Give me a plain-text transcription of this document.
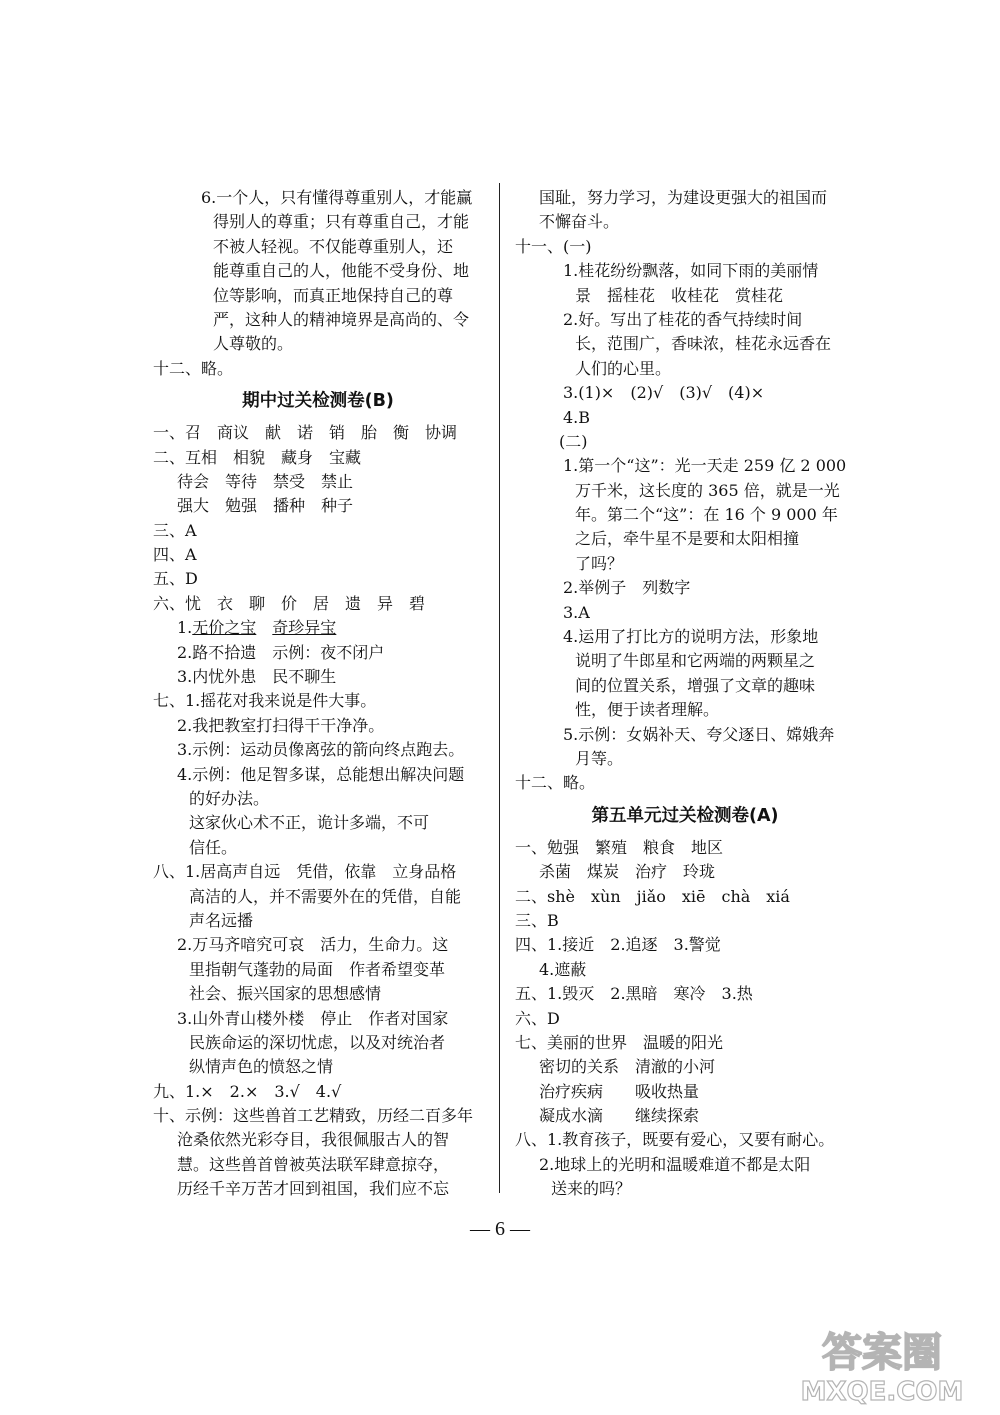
6.一个人，只有懂得尊重别人，才能赢
得别人的尊重；只有尊重自己，才能
不被人轻视。不仅能尊重别人，还
能尊重自己的人，他能不受身份、地
位等影响，而真正地保持自己的尊
严，这种人的精神境界是高尚的、令
人尊敬的。
十二、略。
期中过关检测卷(B)
一、召　商议　献　诺　销　胎　衡　协调
二、互相　相貌　藏身　宝藏
待会　等待　禁受　禁止
强大　勉强　播种　种子
三、A
四、A
五、D
六、忧　衣　聊　价　居　遗　异　碧
1.无价之宝　 奇珍异宝
2.路不拾遗　示例：夜不闭户
3.内忧外患　民不聊生
七、1.摇花对我来说是件大事。
2.我把教室打扫得干干净净。
3.示例：运动员像离弦的箭向终点跑去。
4.示例：他足智多谋，总能想出解决问题
的好办法。
这家伙心术不正，诡计多端，不可
信任。
八、1.居高声自远　凭借，依靠　立身品格
高洁的人，并不需要外在的凭借，自能
声名远播
2.万马齐喑究可哀　活力，生命力。这
里指朝气蓬勃的局面　作者希望变革
社会、振兴国家的思想感情
3.山外青山楼外楼　停止　作者对国家
民族命运的深切忧虑，以及对统治者
纵情声色的愤怒之情
九、1.×　2.×　3.√　4.√
十、示例：这些兽首工艺精致，历经二百多年
沧桑依然光彩夺目，我很佩服古人的智
慧。这些兽首曾被英法联军肆意掠夺，
历经千辛万苦才回到祖国，我们应不忘
国耻，努力学习，为建设更强大的祖国而
不懈奋斗。
十一、(一)
1.桂花纷纷飘落，如同下雨的美丽情
景　摇桂花　收桂花　赏桂花
2.好。写出了桂花的香气持续时间
长，范围广，香味浓，桂花永远香在
人们的心里。
3.(1)×　(2)√　(3)√　(4)×
4.B
(二)
1.第一个“这”：光一天走 259 亿 2 000
万千米，这长度的 365 倍，就是一光
年。第二个“这”：在 16 个 9 000 年
之后，牵牛星不是要和太阳相撞
了吗？
2.举例子　列数字
3.A
4.运用了打比方的说明方法，形象地
说明了牛郎星和它两端的两颗星之
间的位置关系，增强了文章的趣味
性，便于读者理解。
5.示例：女娲补天、夸父逐日、嫦娥奔
月等。
十二、略。
第五单元过关检测卷(A)
一、勉强　繁殖　粮食　地区
杀菌　煤炭　治疗　玲珑
二、shè　xùn　jiǎo　xiē　chà　xiá
三、B
四、1.接近　2.追逐　3.警觉
4.遮蔽
五、1.毁灭　2.黑暗　寒冷　3.热
六、D
七、美丽的世界　温暖的阳光
密切的关系　清澈的小河
治疗疾病　　吸收热量
凝成水滴　　继续探索
八、1.教育孩子，既要有爱心，又要有耐心。
2.地球上的光明和温暖难道不都是太阳
送来的吗？
— 6 —
答案圈
MXQE.COM
